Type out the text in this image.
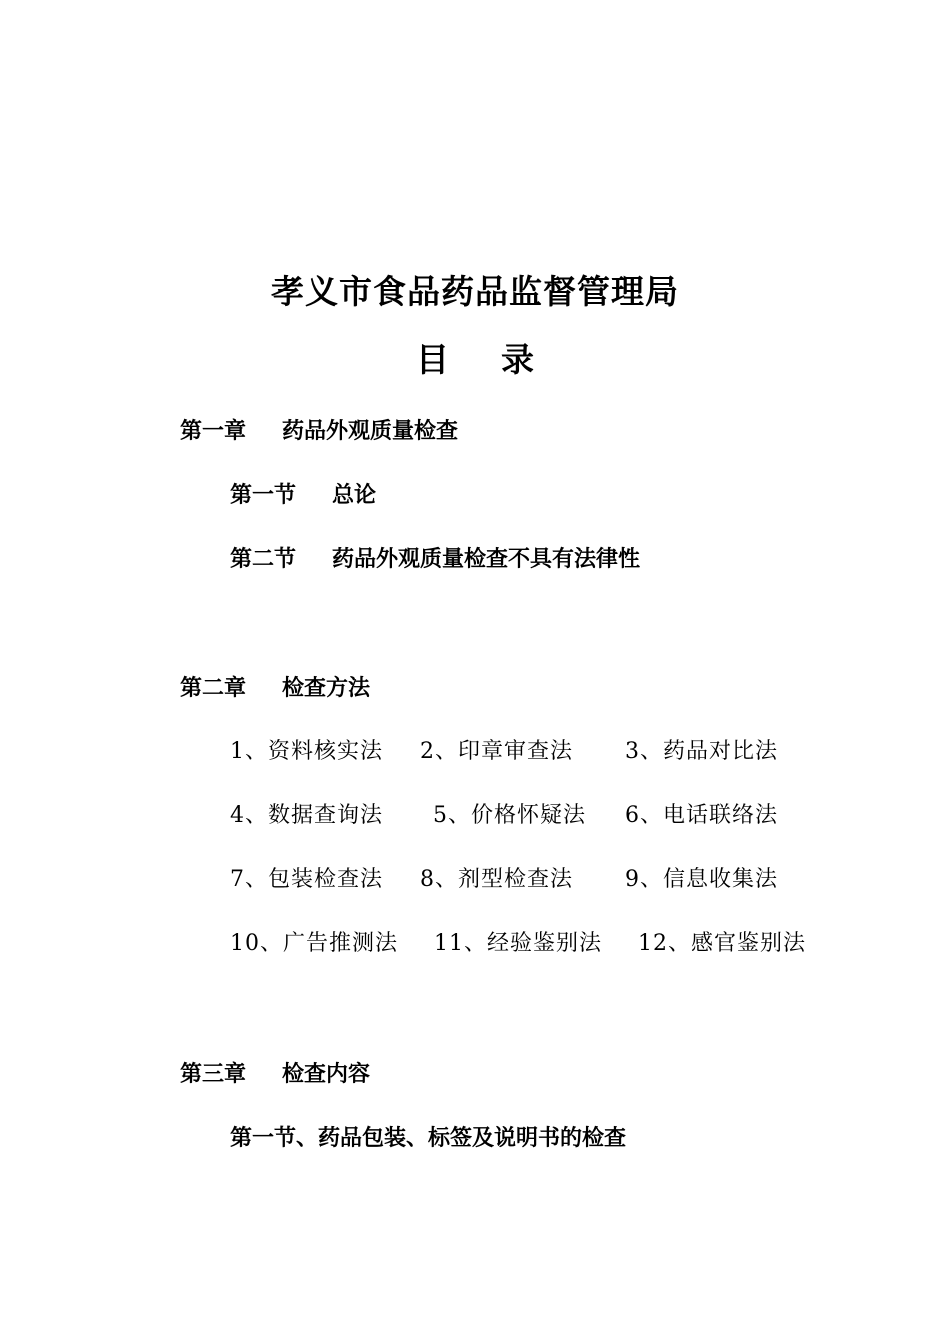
孝义市食品药品监督管理局
目 录
第一章 药品外观质量检查
第一节 总论
第二节 药品外观质量检查不具有法律性
第二章 检查方法
1、资料核实法 2、印章审查法 3、药品对比法
4、数据查询法 5、价格怀疑法 6、电话联络法
7、包装检查法 8、剂型检查法 9、信息收集法
10、广告推测法 11、经验鉴别法 12、感官鉴别法
第三章 检查内容
第一节、药品包装、标签及说明书的检查
